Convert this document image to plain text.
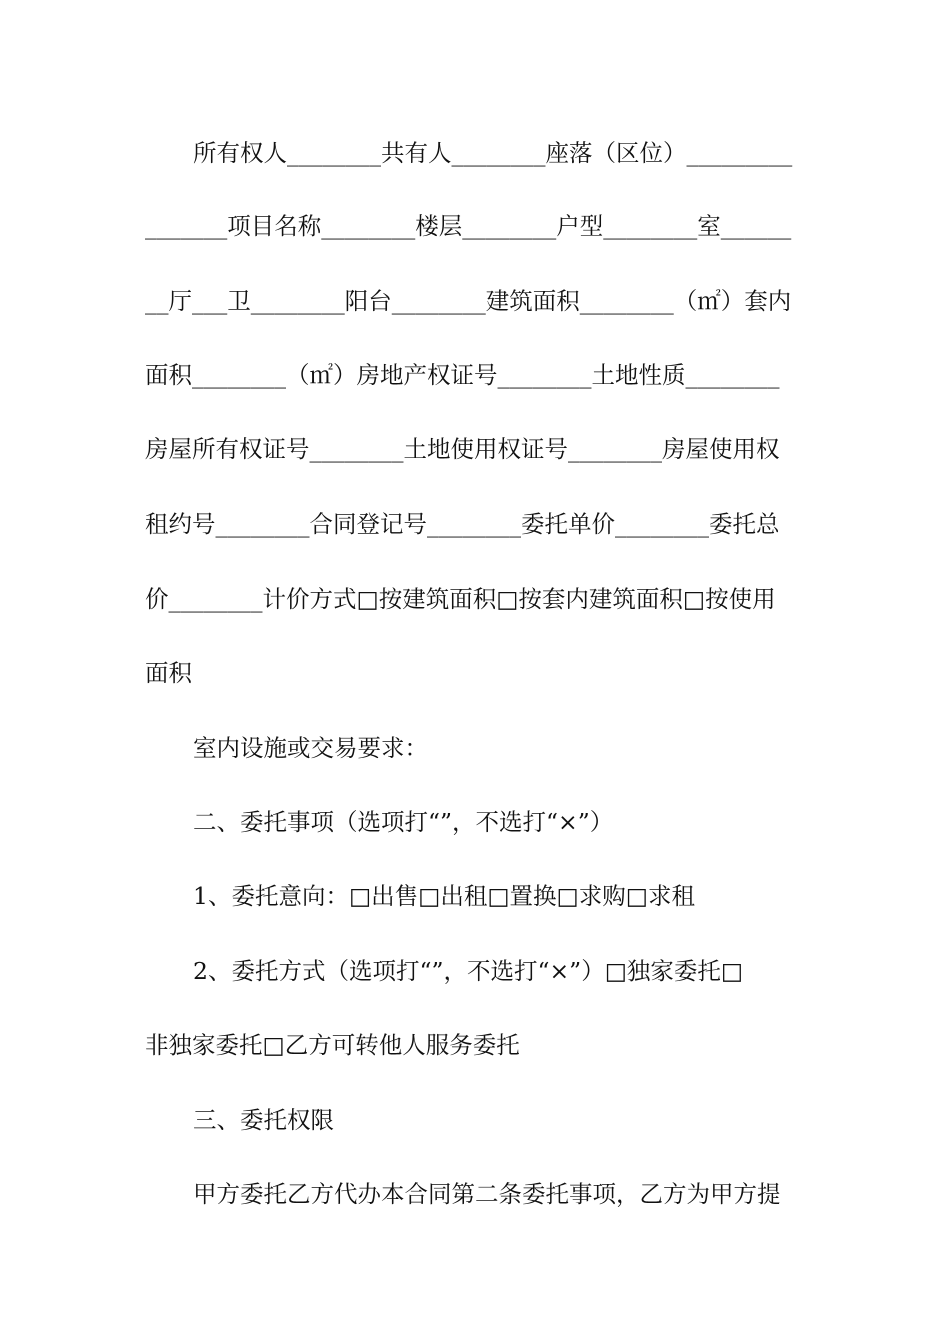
所有权人________共有人________座落（区位）_________
_______项目名称________楼层________户型________室______
__厅___卫________阳台________建筑面积________（㎡）套内
面积________（㎡）房地产权证号________土地性质________
房屋所有权证号________土地使用权证号________房屋使用权
租约号________合同登记号________委托单价________委托总
价________计价方式□按建筑面积□按套内建筑面积□按使用
面积
室内设施或交易要求：
二、委托事项（选项打“”，不选打“×”）
1、委托意向：□出售□出租□置换□求购□求租
2、委托方式（选项打“”，不选打“×”）□独家委托□
非独家委托□乙方可转他人服务委托
三、委托权限
甲方委托乙方代办本合同第二条委托事项，乙方为甲方提
